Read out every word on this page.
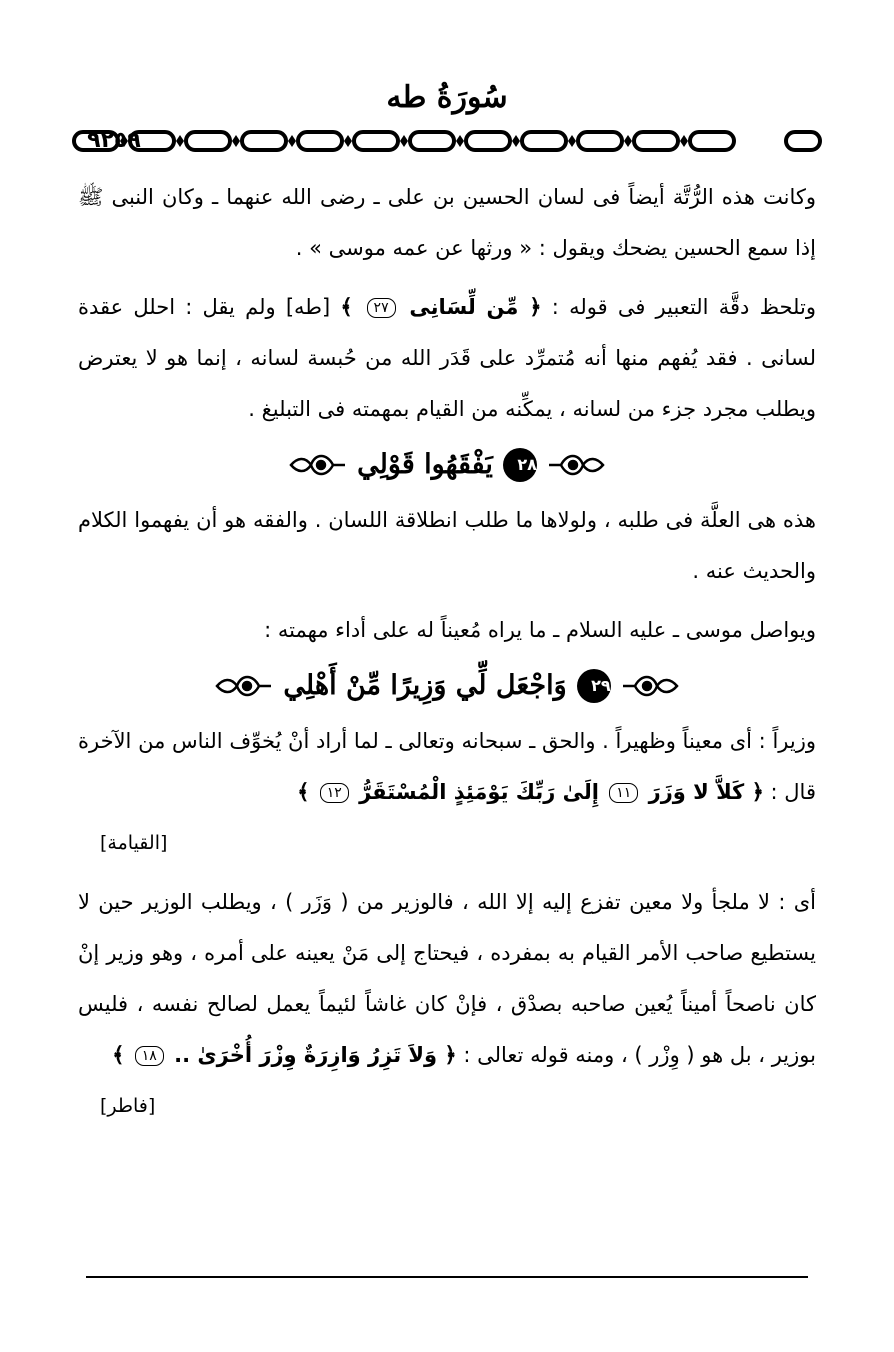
سُورَةُ طه
٩٢٥٩

وكانت هذه الرُّتَّة أيضاً فى لسان الحسين بن على ـ رضى الله عنهما ـ وكان النبى ﷺ إذا سمع الحسين يضحك ويقول : « ورثها عن عمه موسى » .

وتلحظ دقَّة التعبير فى قوله : ﴿ مِّن لِّسَانِى ٢٧ ﴾ [طه] ولم يقل : احلل عقدة لسانى . فقد يُفهم منها أنه مُتمرِّد على قَدَر الله من حُبسة لسانه ، إنما هو لا يعترض ويطلب مجرد جزء من لسانه ، يمكِّنه من القيام بمهمته فى التبليغ .

٢٨
يَفْقَهُوا قَوْلِي

هذه هى العلَّة فى طلبه ، ولولاها ما طلب انطلاقة اللسان . والفقه هو أن يفهموا الكلام والحديث عنه .

ويواصل موسى ـ عليه السلام ـ ما يراه مُعيناً له على أداء مهمته :

٢٩
وَاجْعَل لِّي وَزِيرًا مِّنْ أَهْلِي

وزيراً : أى معيناً وظهيراً . والحق ـ سبحانه وتعالى ـ لما أراد أنْ يُخوِّف الناس من الآخرة قال : ﴿ كَلاَّ لا وَزَرَ ١١ إِلَىٰ رَبِّكَ يَوْمَئِذٍ الْمُسْتَقَرُّ ١٢ ﴾

[القيامة]

أى : لا ملجأ ولا معين تفزع إليه إلا الله ، فالوزير من ( وَزَر ) ، ويطلب الوزير حين لا يستطيع صاحب الأمر القيام به بمفرده ، فيحتاج إلى مَنْ يعينه على أمره ، وهو وزير إنْ كان ناصحاً أميناً يُعين صاحبه بصدْق ، فإنْ كان غاشاً لئيماً يعمل لصالح نفسه ، فليس بوزير ، بل هو ( وِزْر ) ، ومنه قوله تعالى : ﴿ وَلاَ تَزِرُ وَازِرَةٌ وِزْرَ أُخْرَىٰ .. ١٨ ﴾

[فاطر]
